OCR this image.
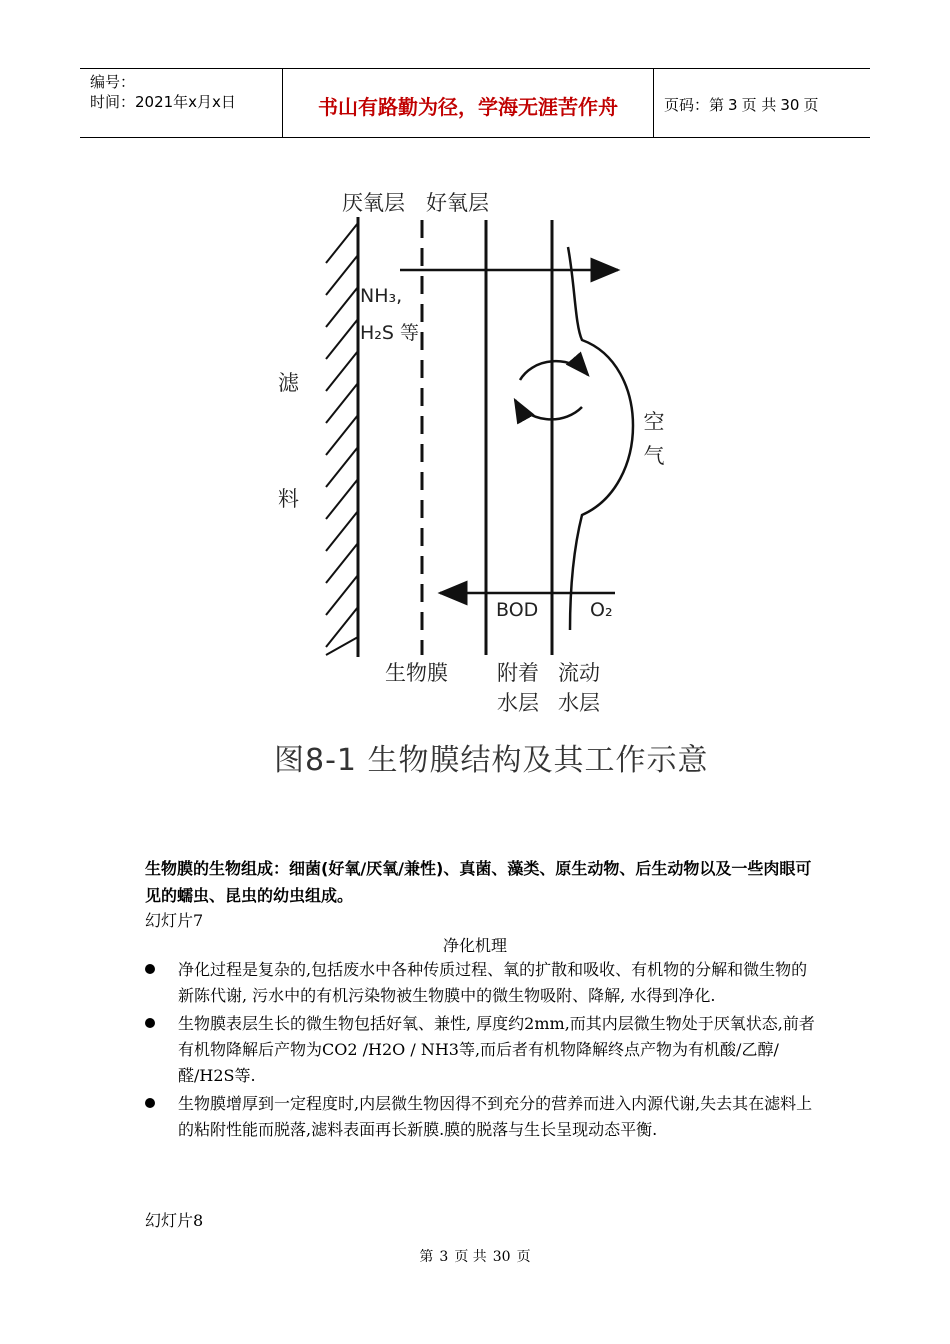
编号：
时间：2021年x月x日	书山有路勤为径，学海无涯苦作舟	页码：第 3 页 共 30 页
厌氧层 好氧层
NH₃,
H₂S 等
滤
料
空气
BOD	O₂
生物膜 附着
水层
流动
水层
图8-1 生物膜结构及其工作示意
生物膜的生物组成：细菌(好氧/厌氧/兼性)、真菌、藻类、原生动物、后生动物以及一些肉眼可见的蠕虫、昆虫的幼虫组成。
幻灯片7
净化机理
净化过程是复杂的,包括废水中各种传质过程、氧的扩散和吸收、有机物的分解和微生物的新陈代谢, 污水中的有机污染物被生物膜中的微生物吸附、降解, 水得到净化.
生物膜表层生长的微生物包括好氧、兼性, 厚度约2mm,而其内层微生物处于厌氧状态,前者有机物降解后产物为CO2 /H2O / NH3等,而后者有机物降解终点产物为有机酸/乙醇/醛/H2S等.
生物膜增厚到一定程度时,内层微生物因得不到充分的营养而进入内源代谢,失去其在滤料上的粘附性能而脱落,滤料表面再长新膜.膜的脱落与生长呈现动态平衡.
幻灯片8
第 3 页 共 30 页
